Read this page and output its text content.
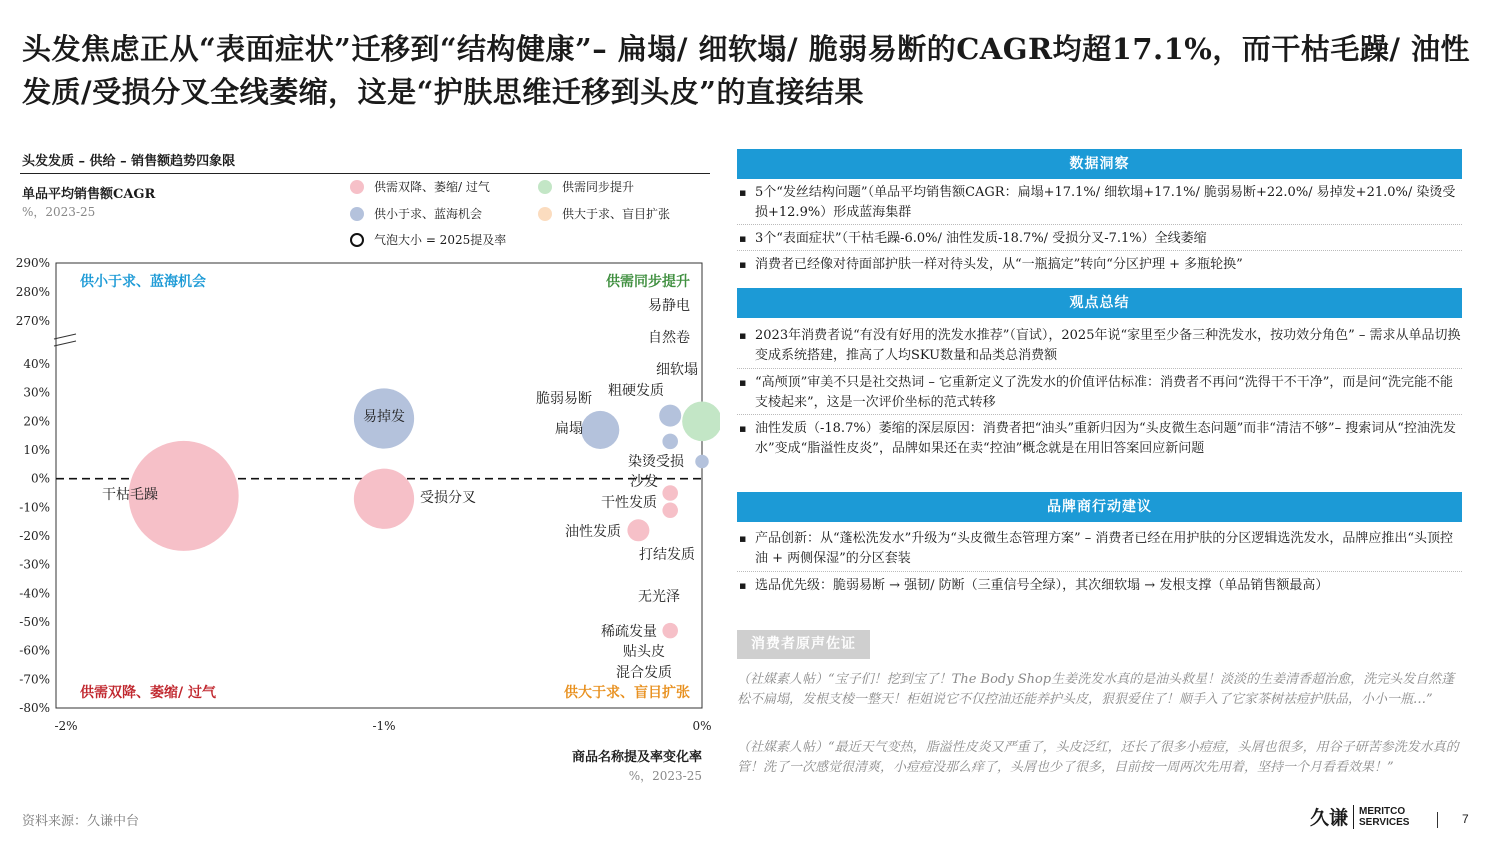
头发焦虑正从“表面症状”迁移到“结构健康”– 扁塌/ 细软塌/ 脆弱易断的CAGR均超17.1%，而干枯毛躁/ 油性发质/受损分叉全线萎缩，这是“护肤思维迁移到头皮”的直接结果
头发发质 – 供给 – 销售额趋势四象限
单品平均销售额CAGR
%，2023-25
供需双降、萎缩/ 过气	供需同步提升
供小于求、蓝海机会	供大于求、盲目扩张
气泡大小 = 2025提及率
290%
280%
270%
40%
30%
20%
10%
0%
-10%
-20%
-30%
-40%
-50%
-60%
-70%
-80%
-2%	-1%	0%
供小于求、蓝海机会	供需同步提升
供需双降、萎缩/ 过气	供大于求、盲目扩张
干枯毛躁	受损分叉
易掉发
扁塌
脆弱易断
细软塌
粗硬发质
染烫受损
干性发质
沙发
油性发质
稀疏发量
易静电
自然卷
打结发质
无光泽
贴头皮
混合发质
商品名称提及率变化率
%，2023-25
资料来源：久谦中台
数据洞察
▪ 5个“发丝结构问题”（单品平均销售额CAGR：扁塌+17.1%/ 细软塌+17.1%/ 脆弱易断+22.0%/ 易掉发+21.0%/ 染烫受损+12.9%）形成蓝海集群
▪ 3个“表面症状”（干枯毛躁-6.0%/ 油性发质-18.7%/ 受损分叉-7.1%）全线萎缩
▪ 消费者已经像对待面部护肤一样对待头发，从“一瓶搞定”转向“分区护理 + 多瓶轮换”
观点总结
▪ 2023年消费者说“有没有好用的洗发水推荐”（盲试），2025年说“家里至少备三种洗发水，按功效分角色” – 需求从单品切换变成系统搭建，推高了人均SKU数量和品类总消费额
▪ “高颅顶”审美不只是社交热词 – 它重新定义了洗发水的价值评估标准：消费者不再问“洗得干不干净”，而是问“洗完能不能支棱起来”，这是一次评价坐标的范式转移
▪ 油性发质（-18.7%）萎缩的深层原因：消费者把“油头”重新归因为“头皮微生态问题”而非“清洁不够”– 搜索词从“控油洗发水”变成“脂溢性皮炎”，品牌如果还在卖“控油”概念就是在用旧答案回应新问题
品牌商行动建议
▪ 产品创新：从“蓬松洗发水”升级为“头皮微生态管理方案” – 消费者已经在用护肤的分区逻辑选洗发水，品牌应推出“头顶控油 + 两侧保湿”的分区套装
▪ 选品优先级：脆弱易断 → 强韧/ 防断（三重信号全绿），其次细软塌 → 发根支撑（单品销售额最高）
消费者原声佐证
（社媒素人帖）“宝子们！挖到宝了！The Body Shop生姜洗发水真的是油头救星！淡淡的生姜清香超治愈，洗完头发自然蓬松不扁塌，发根支棱一整天！柜姐说它不仅控油还能养护头皮，狠狠爱住了！顺手入了它家茶树祛痘护肤品，小小一瓶…”
（社媒素人帖）“最近天气变热，脂溢性皮炎又严重了，头皮泛红，还长了很多小痘痘，头屑也很多，用谷子研苦参洗发水真的管！洗了一次感觉很清爽，小痘痘没那么痒了，头屑也少了很多，目前按一周两次先用着，坚持一个月看看效果！”
久谦 MERITCO
SERVICES	7
